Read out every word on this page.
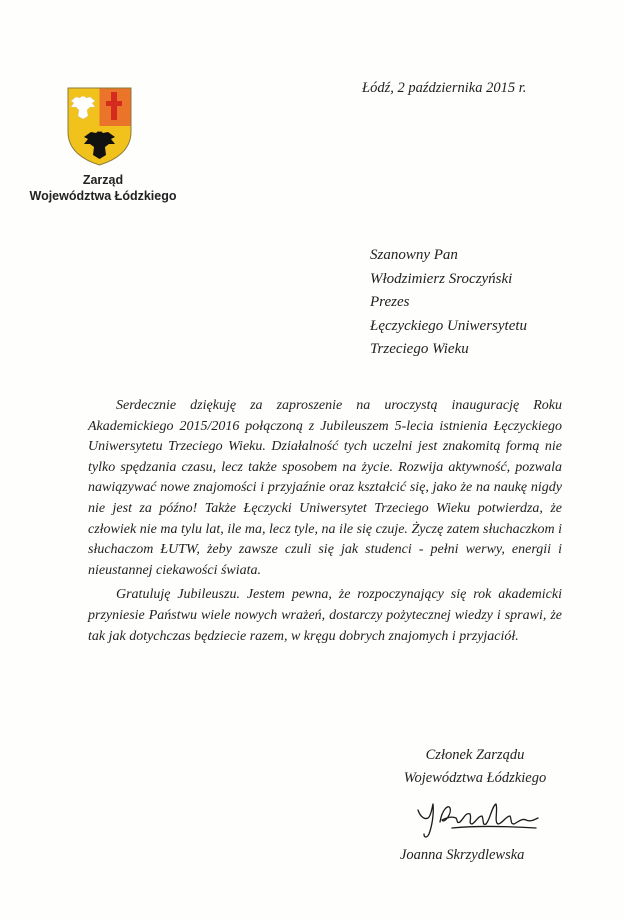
Zarząd
Województwa Łódzkiego
Łódź, 2 października 2015 r.
Szanowny Pan
Włodzimierz Sroczyński
Prezes
Łęczyckiego Uniwersytetu
Trzeciego Wieku

Serdecznie dziękuję za zaproszenie na uroczystą inaugurację Roku Akademickiego 2015/2016 połączoną z Jubileuszem 5-lecia istnienia Łęczyckiego Uniwersytetu Trzeciego Wieku. Działalność tych uczelni jest znakomitą formą nie tylko spędzania czasu, lecz także sposobem na życie. Rozwija aktywność, pozwala nawiązywać nowe znajomości i przyjaźnie oraz kształcić się, jako że na naukę nigdy nie jest za późno! Także Łęczycki Uniwersytet Trzeciego Wieku potwierdza, że człowiek nie ma tylu lat, ile ma, lecz tyle, na ile się czuje. Życzę zatem słuchaczkom i słuchaczom ŁUTW, żeby zawsze czuli się jak studenci - pełni werwy, energii i nieustannej ciekawości świata.

Gratuluję Jubileuszu. Jestem pewna, że rozpoczynający się rok akademicki przyniesie Państwu wiele nowych wrażeń, dostarczy pożytecznej wiedzy i sprawi, że tak jak dotychczas będziecie razem, w kręgu dobrych znajomych i przyjaciół.

Członek Zarządu
Województwa Łódzkiego
Joanna Skrzydlewska
